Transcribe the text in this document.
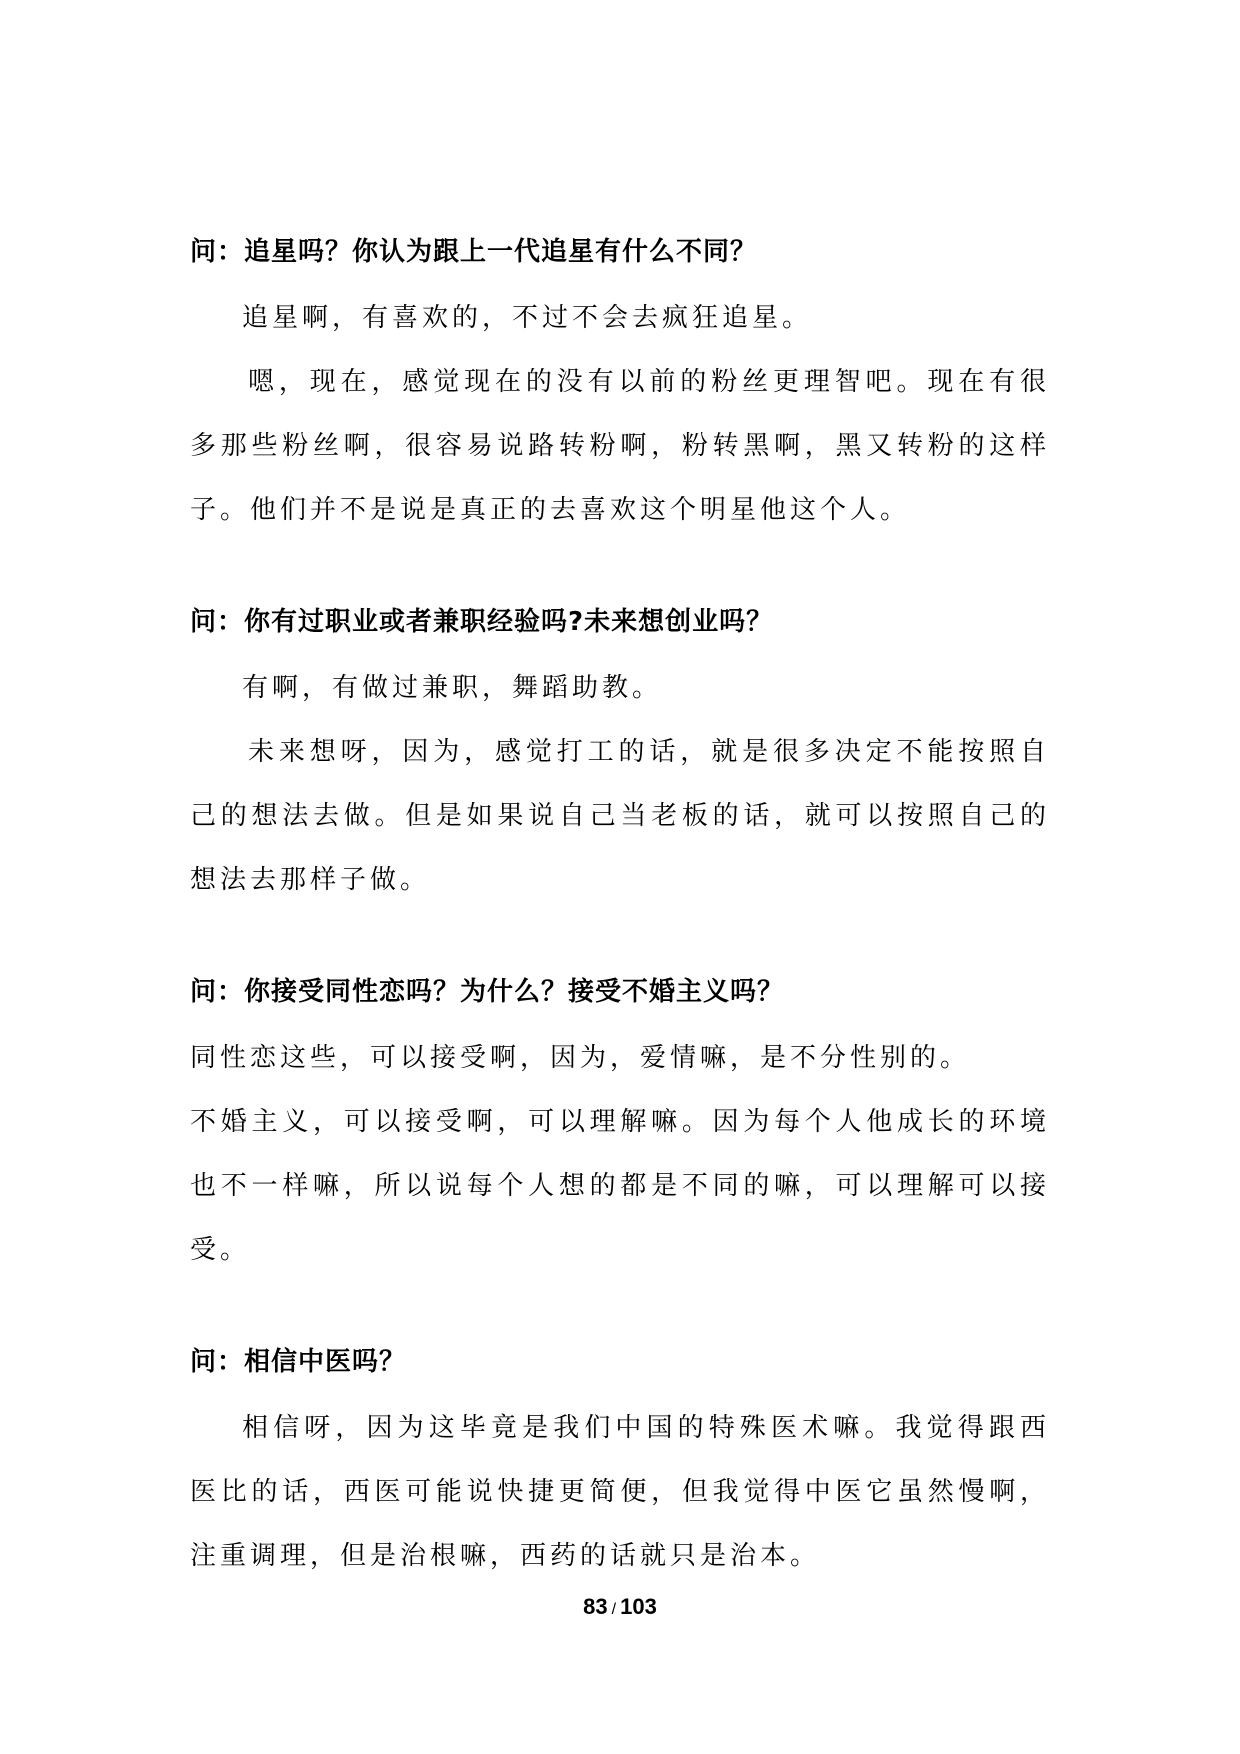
问：追星吗？你认为跟上一代追星有什么不同？

追星啊，有喜欢的，不过不会去疯狂追星。

嗯，现在，感觉现在的没有以前的粉丝更理智吧。现在有很多那些粉丝啊，很容易说路转粉啊，粉转黑啊，黑又转粉的这样子。他们并不是说是真正的去喜欢这个明星他这个人。

问：你有过职业或者兼职经验吗?未来想创业吗？

有啊，有做过兼职，舞蹈助教。

未来想呀，因为，感觉打工的话，就是很多决定不能按照自己的想法去做。但是如果说自己当老板的话，就可以按照自己的想法去那样子做。

问：你接受同性恋吗？为什么？接受不婚主义吗？

同性恋这些，可以接受啊，因为，爱情嘛，是不分性别的。

不婚主义，可以接受啊，可以理解嘛。因为每个人他成长的环境也不一样嘛，所以说每个人想的都是不同的嘛，可以理解可以接受。

问：相信中医吗？

相信呀，因为这毕竟是我们中国的特殊医术嘛。我觉得跟西医比的话，西医可能说快捷更简便，但我觉得中医它虽然慢啊，注重调理，但是治根嘛，西药的话就只是治本。

83 / 103
